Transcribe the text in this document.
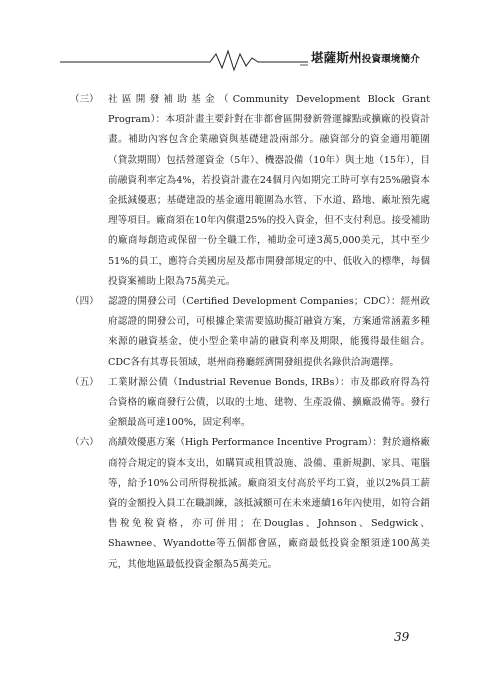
堪薩斯州投資環境簡介
（三） 社區開發補助基金（Community Development Block Grant Program）：本項計畫主要針對在非都會區開發新營運據點或擴廠的投資計畫。補助內容包含企業融資與基礎建設兩部分。融資部分的資金適用範圍（貸款期間）包括營運資金（5年）、機器設備（10年）與土地（15年），目前融資利率定為4%，若投資計畫在24個月內如期完工時可享有25%融資本金抵減優惠；基礎建設的基金適用範圍為水管、下水道、路地、廠址預先處理等項目。廠商須在10年內償還25%的投入資金，但不支付利息。接受補助的廠商每創造或保留一份全職工作，補助金可達3萬5,000美元，其中至少51%的員工，應符合美國房屋及都市開發部規定的中、低收入的標準，每個投資案補助上限為75萬美元。
（四） 認證的開發公司（Certified Development Companies；CDC）：經州政府認證的開發公司，可根據企業需要協助擬訂融資方案，方案通常涵蓋多種來源的融資基金，使小型企業申請的融資利率及期限，能獲得最佳組合。CDC各有其專長領域，堪州商務廳經濟開發組提供名錄供洽詢選擇。
（五） 工業財源公債（Industrial Revenue Bonds, IRBs）：市及郡政府得為符合資格的廠商發行公債，以取的土地、建物、生產設備、擴廠設備等。發行金額最高可達100%，固定利率。
（六） 高績效優惠方案（High Performance Incentive Program）：對於適格廠商符合規定的資本支出，如購買或租賃設施、設備、重新規劃、家具、電腦等，給予10%公司所得稅抵減。廠商須支付高於平均工資，並以2%員工薪資的金額投入員工在職訓練，該抵減額可在未來連續16年內使用，如符合銷售稅免稅資格，亦可併用；在Douglas、Johnson、Sedgwick、Shawnee、Wyandotte等五個都會區，廠商最低投資金額須達100萬美元，其他地區最低投資金額為5萬美元。
39
